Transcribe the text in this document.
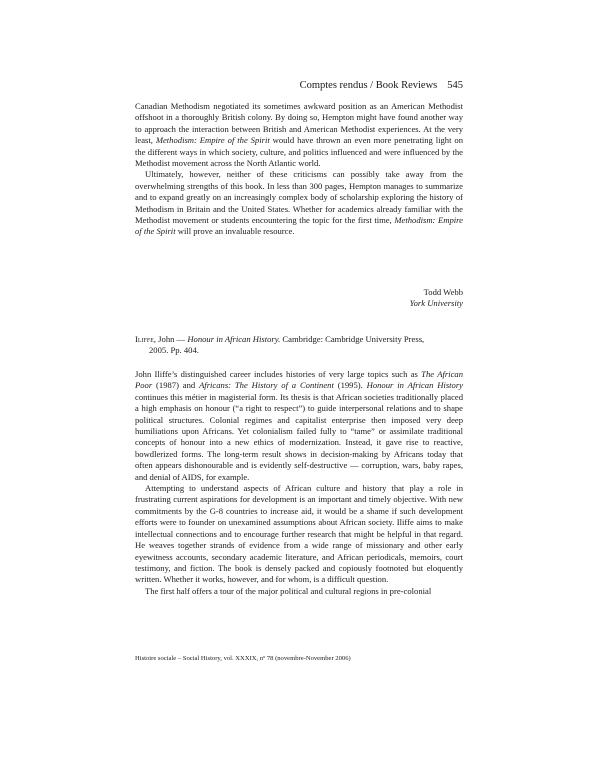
Comptes rendus / Book Reviews 545

Canadian Methodism negotiated its sometimes awkward position as an American Methodist offshoot in a thoroughly British colony. By doing so, Hempton might have found another way to approach the interaction between British and American Methodist experiences. At the very least, Methodism: Empire of the Spirit would have thrown an even more penetrating light on the different ways in which society, culture, and politics influenced and were influenced by the Methodist movement across the North Atlantic world.

Ultimately, however, neither of these criticisms can possibly take away from the overwhelming strengths of this book. In less than 300 pages, Hempton manages to summarize and to expand greatly on an increasingly complex body of scholarship exploring the history of Methodism in Britain and the United States. Whether for academics already familiar with the Methodist movement or students encountering the topic for the first time, Methodism: Empire of the Spirit will prove an invaluable resource.

Todd Webb
York University
Iliffe, John — Honour in African History. Cambridge: Cambridge University Press,
2005. Pp. 404.

John Iliffe’s distinguished career includes histories of very large topics such as The African Poor (1987) and Africans: The History of a Continent (1995). Honour in African History continues this métier in magisterial form. Its thesis is that African societies traditionally placed a high emphasis on honour (“a right to respect”) to guide interpersonal relations and to shape political structures. Colonial regimes and capitalist enterprise then imposed very deep humiliations upon Africans. Yet colonialism failed fully to “tame” or assimilate traditional concepts of honour into a new ethics of modernization. Instead, it gave rise to reactive, bowdlerized forms. The long-term result shows in decision-making by Africans today that often appears dishonourable and is evidently self-destructive — corruption, wars, baby rapes, and denial of AIDS, for example.

Attempting to understand aspects of African culture and history that play a role in frustrating current aspirations for development is an important and timely objective. With new commitments by the G-8 countries to increase aid, it would be a shame if such development efforts were to founder on unexamined assumptions about African society. Iliffe aims to make intellectual connections and to encourage further research that might be helpful in that regard. He weaves together strands of evidence from a wide range of missionary and other early eyewitness accounts, secondary academic literature, and African periodicals, memoirs, court testimony, and fiction. The book is densely packed and copiously footnoted but eloquently written. Whether it works, however, and for whom, is a difficult question.

The first half offers a tour of the major political and cultural regions in pre-colonial

Histoire sociale – Social History, vol. XXXIX, nº 78 (novembre-November 2006)
